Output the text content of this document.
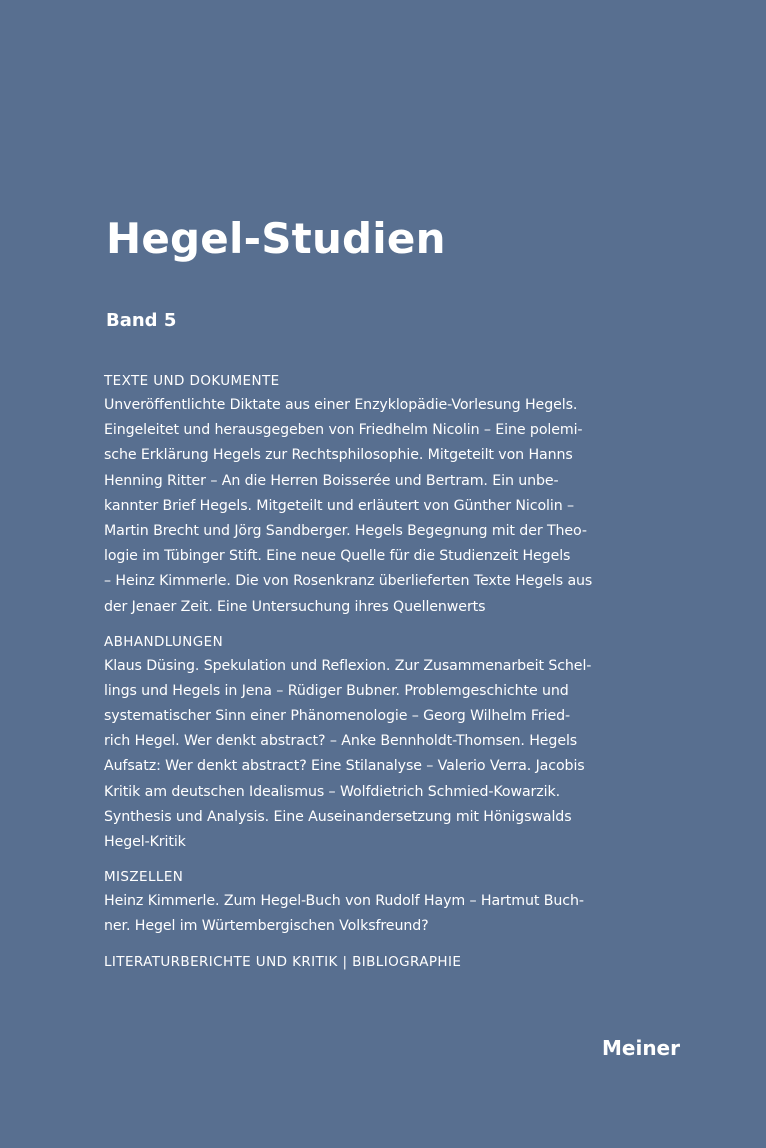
Hegel-Studien
Band 5
TEXTE UND DOKUMENTE
Unveröffentlichte Diktate aus einer Enzyklopädie-Vorlesung Hegels.
Eingeleitet und herausgegeben von Friedhelm Nicolin – Eine polemi-
sche Erklärung Hegels zur Rechtsphilosophie. Mitgeteilt von Hanns
Henning Ritter – An die Herren Boisserée und Bertram. Ein unbe-
kannter Brief Hegels. Mitgeteilt und erläutert von Günther Nicolin –
Martin Brecht und Jörg Sandberger. Hegels Begegnung mit der Theo-
logie im Tübinger Stift. Eine neue Quelle für die Studienzeit Hegels
– Heinz Kimmerle. Die von Rosenkranz überlieferten Texte Hegels aus
der Jenaer Zeit. Eine Untersuchung ihres Quellenwerts
ABHANDLUNGEN
Klaus Düsing. Spekulation und Reflexion. Zur Zusammenarbeit Schel-
lings und Hegels in Jena – Rüdiger Bubner. Problemgeschichte und
systematischer Sinn einer Phänomenologie – Georg Wilhelm Fried-
rich Hegel. Wer denkt abstract? – Anke Bennholdt-Thomsen. Hegels
Aufsatz: Wer denkt abstract? Eine Stilanalyse – Valerio Verra. Jacobis
Kritik am deutschen Idealismus – Wolfdietrich Schmied-Kowarzik.
Synthesis und Analysis. Eine Auseinandersetzung mit Hönigswalds
Hegel-Kritik
MISZELLEN
Heinz Kimmerle. Zum Hegel-Buch von Rudolf Haym – Hartmut Buch-
ner. Hegel im Würtembergischen Volksfreund?
LITERATURBERICHTE UND KRITIK | BIBLIOGRAPHIE
Meiner
